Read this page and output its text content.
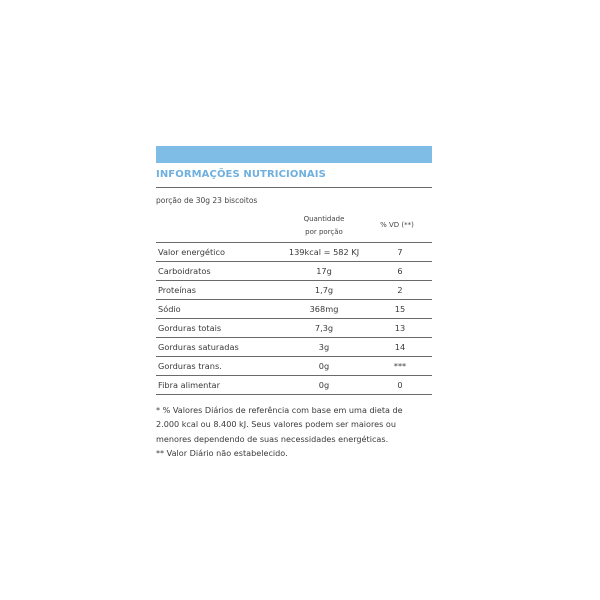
INFORMAÇÕES NUTRICIONAIS
porção de 30g 23 biscoitos
Quantidade
por porção
% VD (**)
Valor energético	139kcal = 582 KJ	7
Carboidratos	17g	6
Proteínas	1,7g	2
Sódio	368mg	15
Gorduras totais	7,3g	13
Gorduras saturadas	3g	14
Gorduras trans.	0g	***
Fibra alimentar	0g	0
* % Valores Diários de referência com base em uma dieta de
2.000 kcal ou 8.400 kJ. Seus valores podem ser maiores ou
menores dependendo de suas necessidades energéticas.
** Valor Diário não estabelecido.
